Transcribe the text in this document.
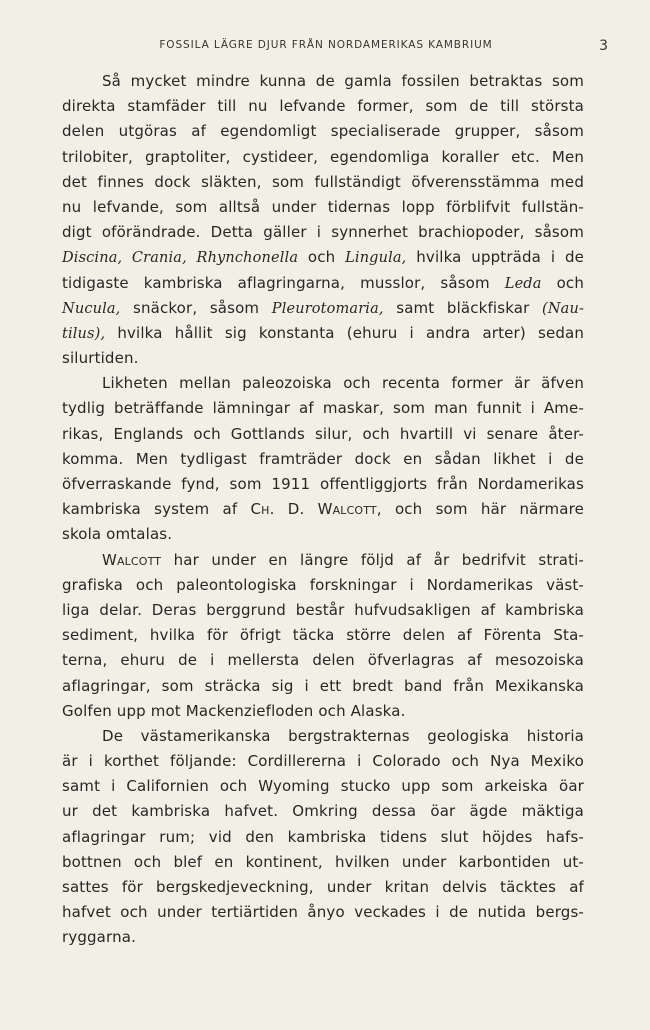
FOSSILA LÄGRE DJUR FRÅN NORDAMERIKAS KAMBRIUM	3
Så mycket mindre kunna de gamla fossilen betraktas som
direkta stamfäder till nu lefvande former, som de till största
delen utgöras af egendomligt specialiserade grupper, såsom
trilobiter, graptoliter, cystideer, egendomliga koraller etc. Men
det finnes dock släkten, som fullständigt öfverensstämma med
nu lefvande, som alltså under tidernas lopp förblifvit fullstän-
digt oförändrade. Detta gäller i synnerhet brachiopoder, såsom
Discina, Crania, Rhynchonella och Lingula, hvilka uppträda i de
tidigaste kambriska aflagringarna, musslor, såsom Leda och
Nucula, snäckor, såsom Pleurotomaria, samt bläckfiskar (Nau-
tilus), hvilka hållit sig konstanta (ehuru i andra arter) sedan
silurtiden.
Likheten mellan paleozoiska och recenta former är äfven
tydlig beträffande lämningar af maskar, som man funnit i Ame-
rikas, Englands och Gottlands silur, och hvartill vi senare åter-
komma. Men tydligast framträder dock en sådan likhet i de
öfverraskande fynd, som 1911 offentliggjorts från Nordamerikas
kambriska system af Ch. D. Walcott, och som här närmare
skola omtalas.
Walcott har under en längre följd af år bedrifvit strati-
grafiska och paleontologiska forskningar i Nordamerikas väst-
liga delar. Deras berggrund består hufvudsakligen af kambriska
sediment, hvilka för öfrigt täcka större delen af Förenta Sta-
terna, ehuru de i mellersta delen öfverlagras af mesozoiska
aflagringar, som sträcka sig i ett bredt band från Mexikanska
Golfen upp mot Mackenziefloden och Alaska.
De västamerikanska bergstrakternas geologiska historia
är i korthet följande: Cordillererna i Colorado och Nya Mexiko
samt i Californien och Wyoming stucko upp som arkeiska öar
ur det kambriska hafvet. Omkring dessa öar ägde mäktiga
aflagringar rum; vid den kambriska tidens slut höjdes hafs-
bottnen och blef en kontinent, hvilken under karbontiden ut-
sattes för bergskedjeveckning, under kritan delvis täcktes af
hafvet och under tertiärtiden ånyo veckades i de nutida bergs-
ryggarna.
